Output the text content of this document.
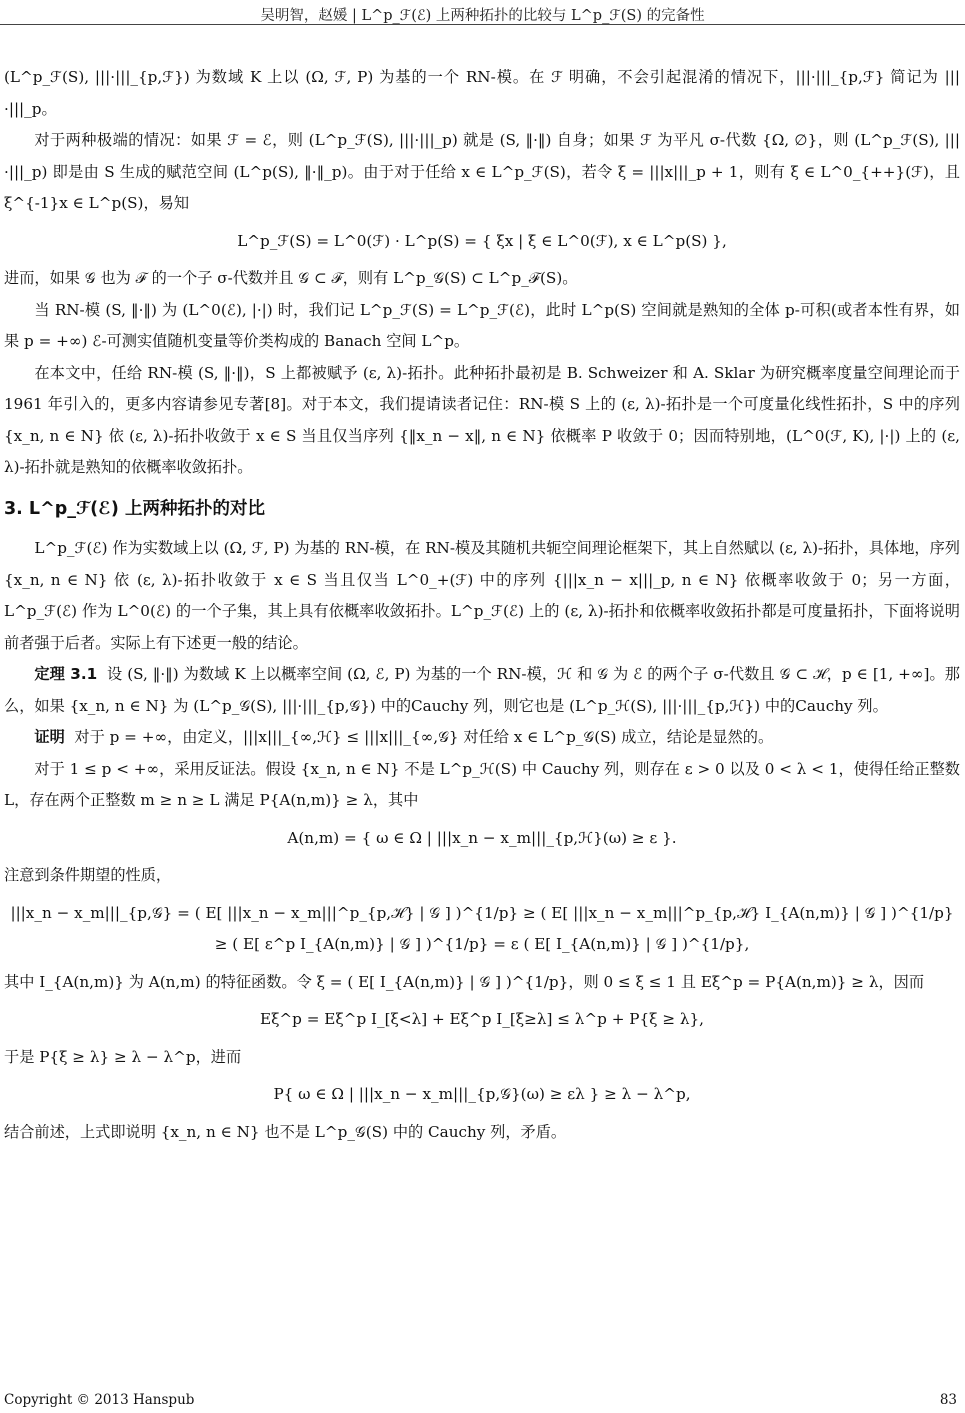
吴明智，赵媛 | L^p_ℱ(ℰ) 上两种拓扑的比较与 L^p_ℱ(S) 的完备性

(L^p_ℱ(S), |||·|||_{p,ℱ}) 为数域 K 上以 (Ω, ℱ, P) 为基的一个 RN-模。在 ℱ 明确，不会引起混淆的情况下，|||·|||_{p,ℱ} 简记为 |||·|||_p。

对于两种极端的情况：如果 ℱ = ℰ，则 (L^p_ℱ(S), |||·|||_p) 就是 (S, ‖·‖) 自身；如果 ℱ 为平凡 σ-代数 {Ω, ∅}，则 (L^p_ℱ(S), |||·|||_p) 即是由 S 生成的赋范空间 (L^p(S), ‖·‖_p)。由于对于任给 x ∈ L^p_ℱ(S)，若令 ξ = |||x|||_p + 1，则有 ξ ∈ L^0_{++}(ℱ)，且 ξ^{-1}x ∈ L^p(S)，易知

L^p_ℱ(S) = L^0(ℱ) · L^p(S) = { ξx | ξ ∈ L^0(ℱ), x ∈ L^p(S) },

进而，如果 𝒢 也为 ℱ 的一个子 σ-代数并且 𝒢 ⊂ ℱ，则有 L^p_𝒢(S) ⊂ L^p_ℱ(S)。

当 RN-模 (S, ‖·‖) 为 (L^0(ℰ), |·|) 时，我们记 L^p_ℱ(S) = L^p_ℱ(ℰ)，此时 L^p(S) 空间就是熟知的全体 p-可积(或者本性有界，如果 p = +∞) ℰ-可测实值随机变量等价类构成的 Banach 空间 L^p。

在本文中，任给 RN-模 (S, ‖·‖)，S 上都被赋予 (ε, λ)-拓扑。此种拓扑最初是 B. Schweizer 和 A. Sklar 为研究概率度量空间理论而于 1961 年引入的，更多内容请参见专著[8]。对于本文，我们提请读者记住：RN-模 S 上的 (ε, λ)-拓扑是一个可度量化线性拓扑，S 中的序列 {x_n, n ∈ N} 依 (ε, λ)-拓扑收敛于 x ∈ S 当且仅当序列 {‖x_n − x‖, n ∈ N} 依概率 P 收敛于 0；因而特别地，(L^0(ℱ, K), |·|) 上的 (ε, λ)-拓扑就是熟知的依概率收敛拓扑。

3. L^p_ℱ(ℰ) 上两种拓扑的对比

L^p_ℱ(ℰ) 作为实数域上以 (Ω, ℱ, P) 为基的 RN-模，在 RN-模及其随机共轭空间理论框架下，其上自然赋以 (ε, λ)-拓扑，具体地，序列 {x_n, n ∈ N} 依 (ε, λ)-拓扑收敛于 x ∈ S 当且仅当 L^0_+(ℱ) 中的序列 {|||x_n − x|||_p, n ∈ N} 依概率收敛于 0；另一方面，L^p_ℱ(ℰ) 作为 L^0(ℰ) 的一个子集，其上具有依概率收敛拓扑。L^p_ℱ(ℰ) 上的 (ε, λ)-拓扑和依概率收敛拓扑都是可度量拓扑，下面将说明前者强于后者。实际上有下述更一般的结论。

定理 3.1 设 (S, ‖·‖) 为数域 K 上以概率空间 (Ω, ℰ, P) 为基的一个 RN-模，ℋ 和 𝒢 为 ℰ 的两个子 σ-代数且 𝒢 ⊂ ℋ，p ∈ [1, +∞]。那么，如果 {x_n, n ∈ N} 为 (L^p_𝒢(S), |||·|||_{p,𝒢}) 中的Cauchy 列，则它也是 (L^p_ℋ(S), |||·|||_{p,ℋ}) 中的Cauchy 列。

证明 对于 p = +∞，由定义，|||x|||_{∞,ℋ} ≤ |||x|||_{∞,𝒢} 对任给 x ∈ L^p_𝒢(S) 成立，结论是显然的。

对于 1 ≤ p < +∞，采用反证法。假设 {x_n, n ∈ N} 不是 L^p_ℋ(S) 中 Cauchy 列，则存在 ε > 0 以及 0 < λ < 1，使得任给正整数 L，存在两个正整数 m ≥ n ≥ L 满足 P{A(n,m)} ≥ λ，其中

A(n,m) = { ω ∈ Ω | |||x_n − x_m|||_{p,ℋ}(ω) ≥ ε }.

注意到条件期望的性质，

|||x_n − x_m|||_{p,𝒢} = ( E[ |||x_n − x_m|||^p_{p,ℋ} | 𝒢 ] )^{1/p} ≥ ( E[ |||x_n − x_m|||^p_{p,ℋ} I_{A(n,m)} | 𝒢 ] )^{1/p} ≥ ( E[ ε^p I_{A(n,m)} | 𝒢 ] )^{1/p} = ε ( E[ I_{A(n,m)} | 𝒢 ] )^{1/p},

其中 I_{A(n,m)} 为 A(n,m) 的特征函数。令 ξ = ( E[ I_{A(n,m)} | 𝒢 ] )^{1/p}，则 0 ≤ ξ ≤ 1 且 Eξ^p = P{A(n,m)} ≥ λ，因而

Eξ^p = Eξ^p I_[ξ<λ] + Eξ^p I_[ξ≥λ] ≤ λ^p + P{ξ ≥ λ},

于是 P{ξ ≥ λ} ≥ λ − λ^p，进而

P{ ω ∈ Ω | |||x_n − x_m|||_{p,𝒢}(ω) ≥ ελ } ≥ λ − λ^p,

结合前述，上式即说明 {x_n, n ∈ N} 也不是 L^p_𝒢(S) 中的 Cauchy 列，矛盾。

Copyright © 2013 Hanspub	83
